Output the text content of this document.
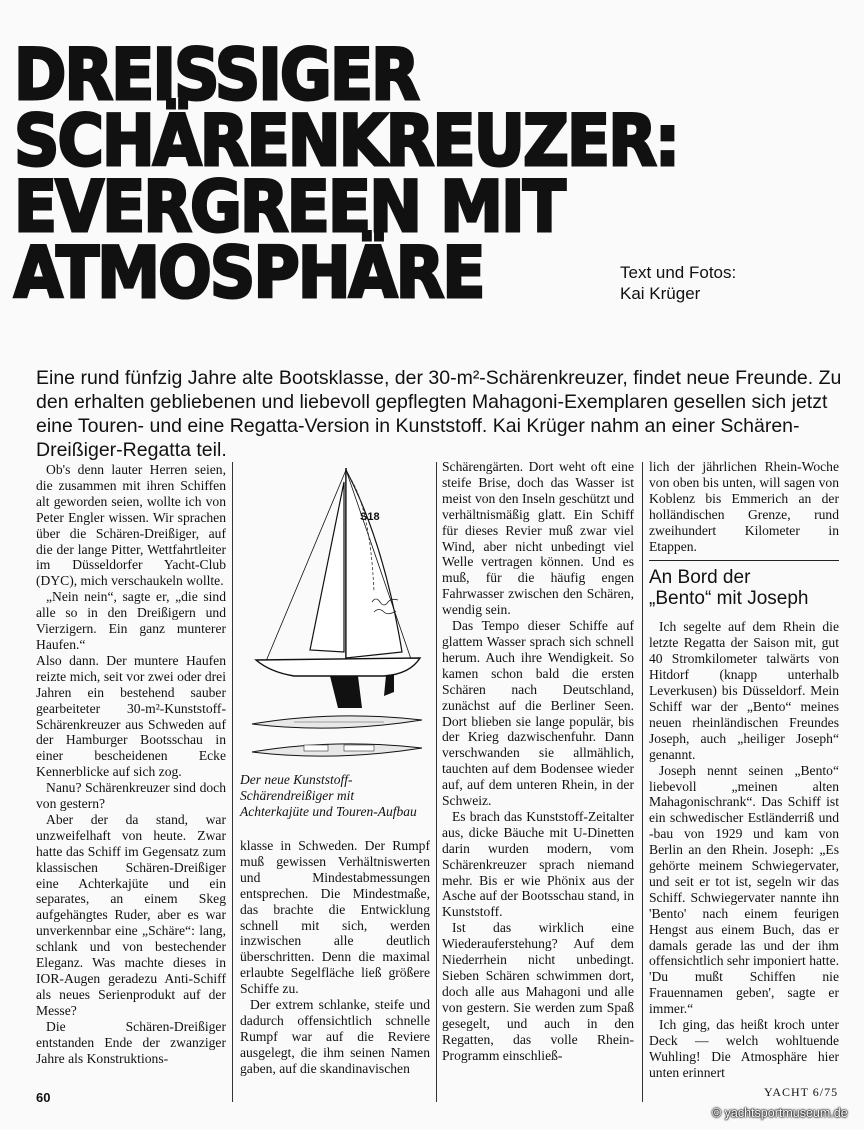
DREISSIGER
SCHÄRENKREUZER:
EVERGREEN MIT
ATMOSPHÄRE	Text und Fotos:
Kai Krüger
Eine rund fünfzig Jahre alte Bootsklasse, der 30-m²-Schärenkreuzer, findet neue Freunde. Zu den erhalten gebliebenen und liebevoll gepflegten Mahagoni-Exemplaren gesellen sich jetzt eine Touren- und eine Regatta-Version in Kunststoff. Kai Krüger nahm an einer Schären-Dreißiger-Regatta teil.

Ob's denn lauter Herren seien, die zusammen mit ihren Schiffen alt geworden seien, wollte ich von Peter Engler wissen. Wir sprachen über die Schären-Dreißiger, auf die der lange Pitter, Wettfahrtleiter im Düsseldorfer Yacht-Club (DYC), mich verschaukeln wollte.

„Nein nein“, sagte er, „die sind alle so in den Dreißigern und Vierzigern. Ein ganz munterer Haufen.“

Also dann. Der muntere Haufen reizte mich, seit vor zwei oder drei Jahren ein bestehend sauber gearbeiteter 30-m²-Kunststoff-Schärenkreuzer aus Schweden auf der Hamburger Bootsschau in einer bescheidenen Ecke Kennerblicke auf sich zog.

Nanu? Schärenkreuzer sind doch von gestern?

Aber der da stand, war unzweifelhaft von heute. Zwar hatte das Schiff im Gegensatz zum klassischen Schären-Dreißiger eine Achterkajüte und ein separates, an einem Skeg aufgehängtes Ruder, aber es war unverkennbar eine „Schäre“: lang, schlank und von bestechender Eleganz. Was machte dieses in IOR-Augen geradezu Anti-Schiff als neues Serienprodukt auf der Messe?

Die Schären-Dreißiger entstanden Ende der zwanziger Jahre als Konstruktions-

S18
Der neue Kunststoff-Schärendreißiger mit Achterkajüte und Touren-Aufbau

klasse in Schweden. Der Rumpf muß gewissen Verhältniswerten und Mindestabmessungen entsprechen. Die Mindestmaße, das brachte die Entwicklung schnell mit sich, werden inzwischen alle deutlich überschritten. Denn die maximal erlaubte Segelfläche ließ größere Schiffe zu.

Der extrem schlanke, steife und dadurch offensichtlich schnelle Rumpf war auf die Reviere ausgelegt, die ihm seinen Namen gaben, auf die skandinavischen

Schärengärten. Dort weht oft eine steife Brise, doch das Wasser ist meist von den Inseln geschützt und verhältnismäßig glatt. Ein Schiff für dieses Revier muß zwar viel Wind, aber nicht unbedingt viel Welle vertragen können. Und es muß, für die häufig engen Fahrwasser zwischen den Schären, wendig sein.

Das Tempo dieser Schiffe auf glattem Wasser sprach sich schnell herum. Auch ihre Wendigkeit. So kamen schon bald die ersten Schären nach Deutschland, zunächst auf die Berliner Seen. Dort blieben sie lange populär, bis der Krieg dazwischenfuhr. Dann verschwanden sie allmählich, tauchten auf dem Bodensee wieder auf, auf dem unteren Rhein, in der Schweiz.

Es brach das Kunststoff-Zeitalter aus, dicke Bäuche mit U-Dinetten darin wurden modern, vom Schärenkreuzer sprach niemand mehr. Bis er wie Phönix aus der Asche auf der Bootsschau stand, in Kunststoff.

Ist das wirklich eine Wiederauferstehung? Auf dem Niederrhein nicht unbedingt. Sieben Schären schwimmen dort, doch alle aus Mahagoni und alle von gestern. Sie werden zum Spaß gesegelt, und auch in den Regatten, das volle Rhein-Programm einschließ-

lich der jährlichen Rhein-Woche von oben bis unten, will sagen von Koblenz bis Emmerich an der holländischen Grenze, rund zweihundert Kilometer in Etappen.

An Bord der
„Bento“ mit Joseph

Ich segelte auf dem Rhein die letzte Regatta der Saison mit, gut 40 Stromkilometer talwärts von Hitdorf (knapp unterhalb Leverkusen) bis Düsseldorf. Mein Schiff war der „Bento“ meines neuen rheinländischen Freundes Joseph, auch „heiliger Joseph“ genannt.

Joseph nennt seinen „Bento“ liebevoll „meinen alten Mahagonischrank“. Das Schiff ist ein schwedischer Estländerriß und -bau von 1929 und kam von Berlin an den Rhein. Joseph: „Es gehörte meinem Schwiegervater, und seit er tot ist, segeln wir das Schiff. Schwiegervater nannte ihn 'Bento' nach einem feurigen Hengst aus einem Buch, das er damals gerade las und der ihm offensichtlich sehr imponiert hatte. 'Du mußt Schiffen nie Frauennamen geben', sagte er immer.“

Ich ging, das heißt kroch unter Deck — welch wohltuende Wuhling! Die Atmosphäre hier unten erinnert

60	YACHT 6/75
© yachtsportmuseum.de
